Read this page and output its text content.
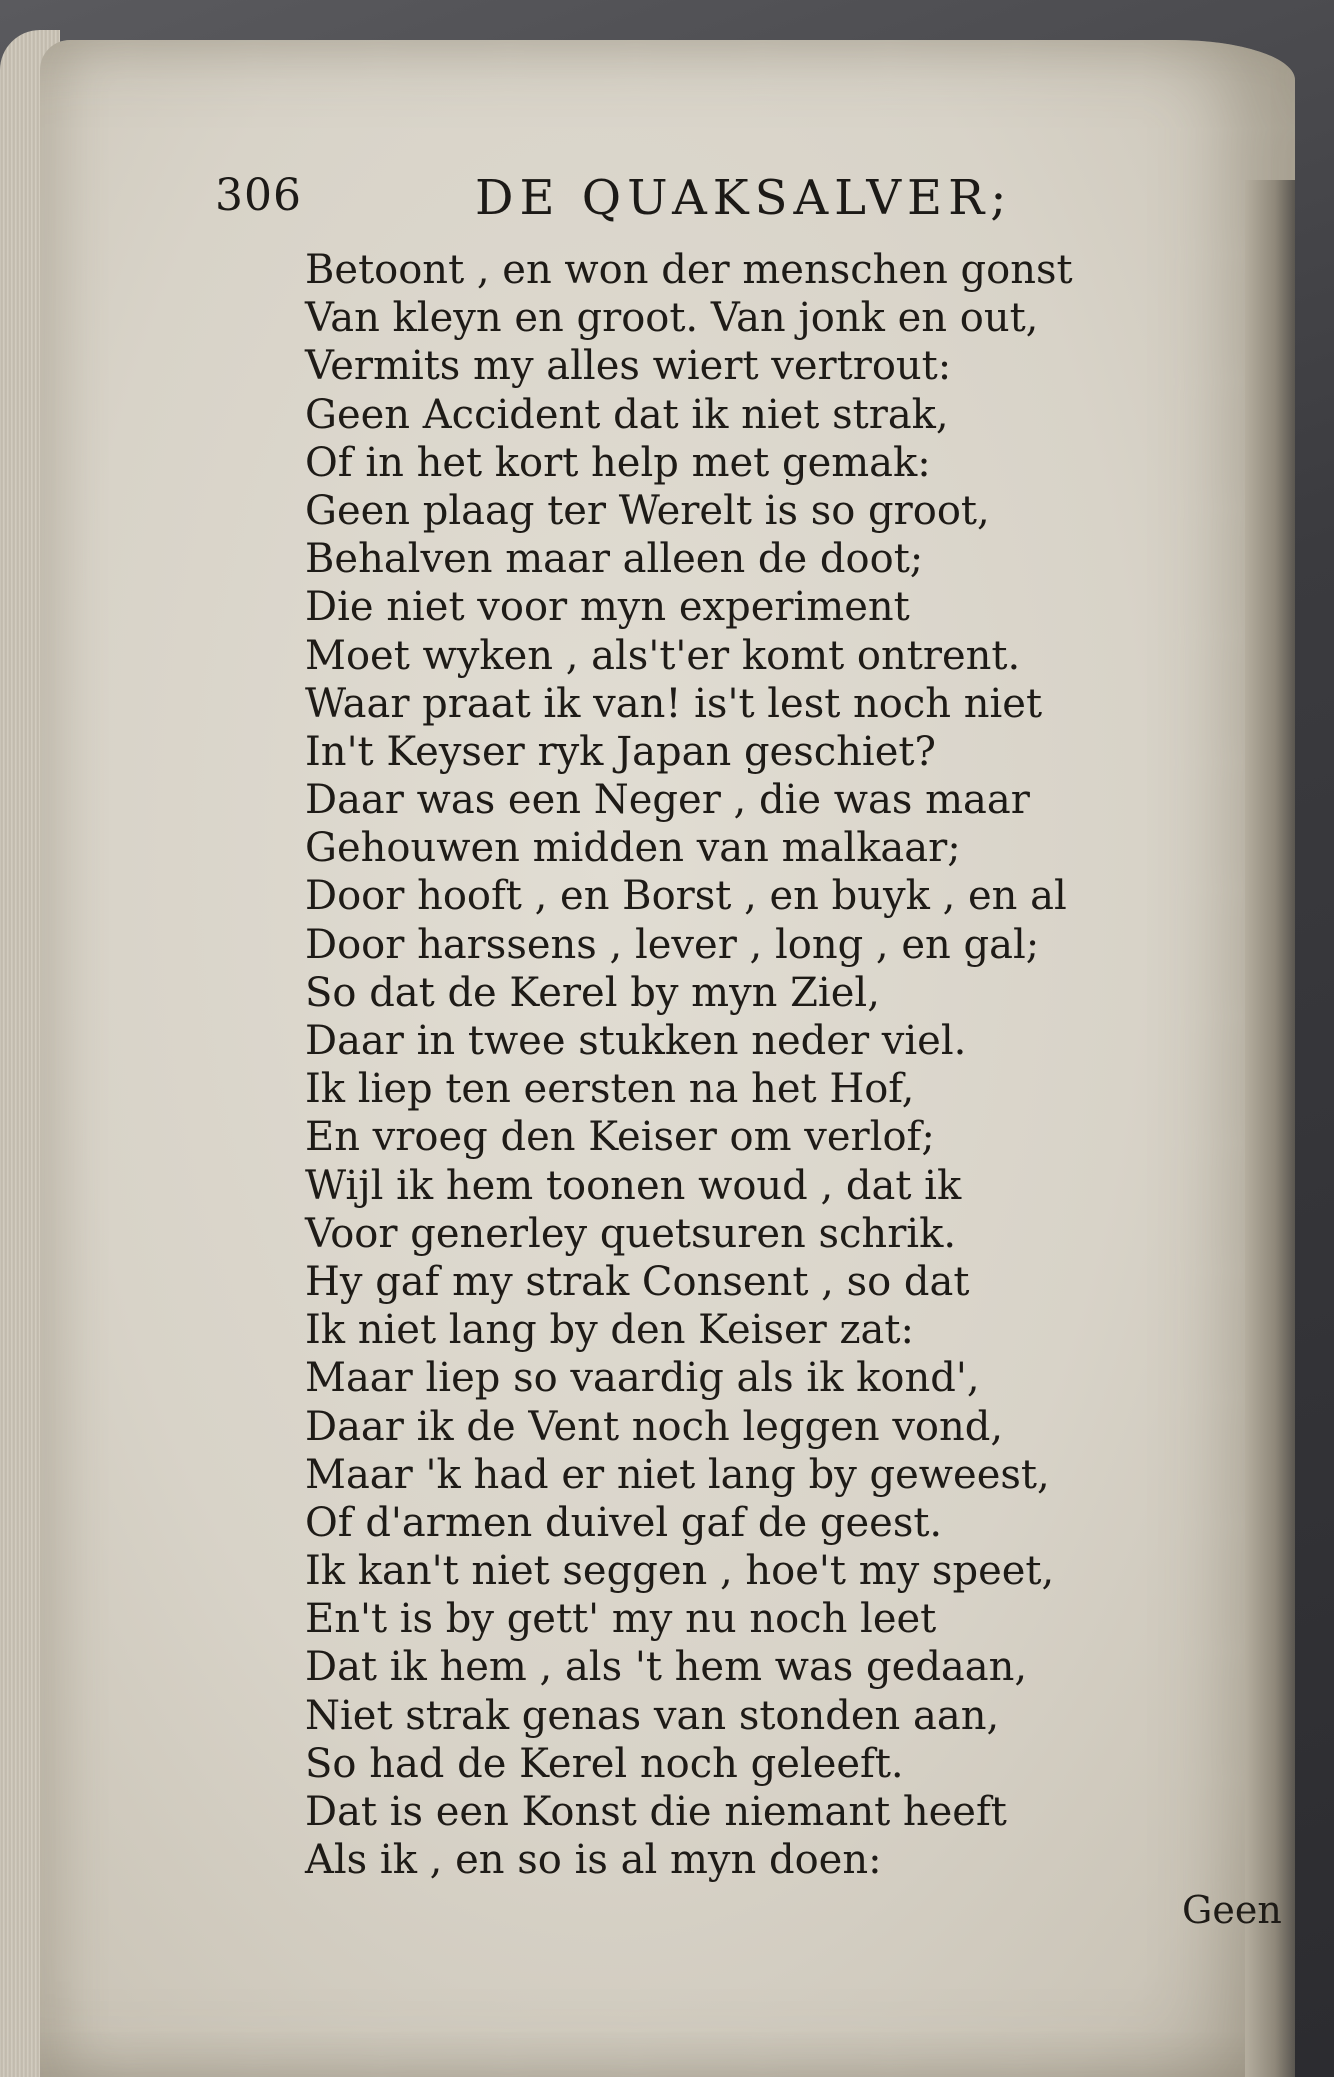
306	DE QUAKSALVER;
Betoont , en won der menschen gonst
Van kleyn en groot. Van jonk en out,
Vermits my alles wiert vertrout:
Geen Accident dat ik niet strak,
Of in het kort help met gemak:
Geen plaag ter Werelt is so groot,
Behalven maar alleen de doot;
Die niet voor myn experiment
Moet wyken , als't'er komt ontrent.
Waar praat ik van! is't lest noch niet
In't Keyser ryk Japan geschiet?
Daar was een Neger , die was maar
Gehouwen midden van malkaar;
Door hooft , en Borst , en buyk , en al
Door harssens , lever , long , en gal;
So dat de Kerel by myn Ziel,
Daar in twee stukken neder viel.
Ik liep ten eersten na het Hof,
En vroeg den Keiser om verlof;
Wijl ik hem toonen woud , dat ik
Voor generley quetsuren schrik.
Hy gaf my strak Consent , so dat
Ik niet lang by den Keiser zat:
Maar liep so vaardig als ik kond',
Daar ik de Vent noch leggen vond,
Maar 'k had er niet lang by geweest,
Of d'armen duivel gaf de geest.
Ik kan't niet seggen , hoe't my speet,
En't is by gett' my nu noch leet
Dat ik hem , als 't hem was gedaan,
Niet strak genas van stonden aan,
So had de Kerel noch geleeft.
Dat is een Konst die niemant heeft
Als ik , en so is al myn doen:
Geen
